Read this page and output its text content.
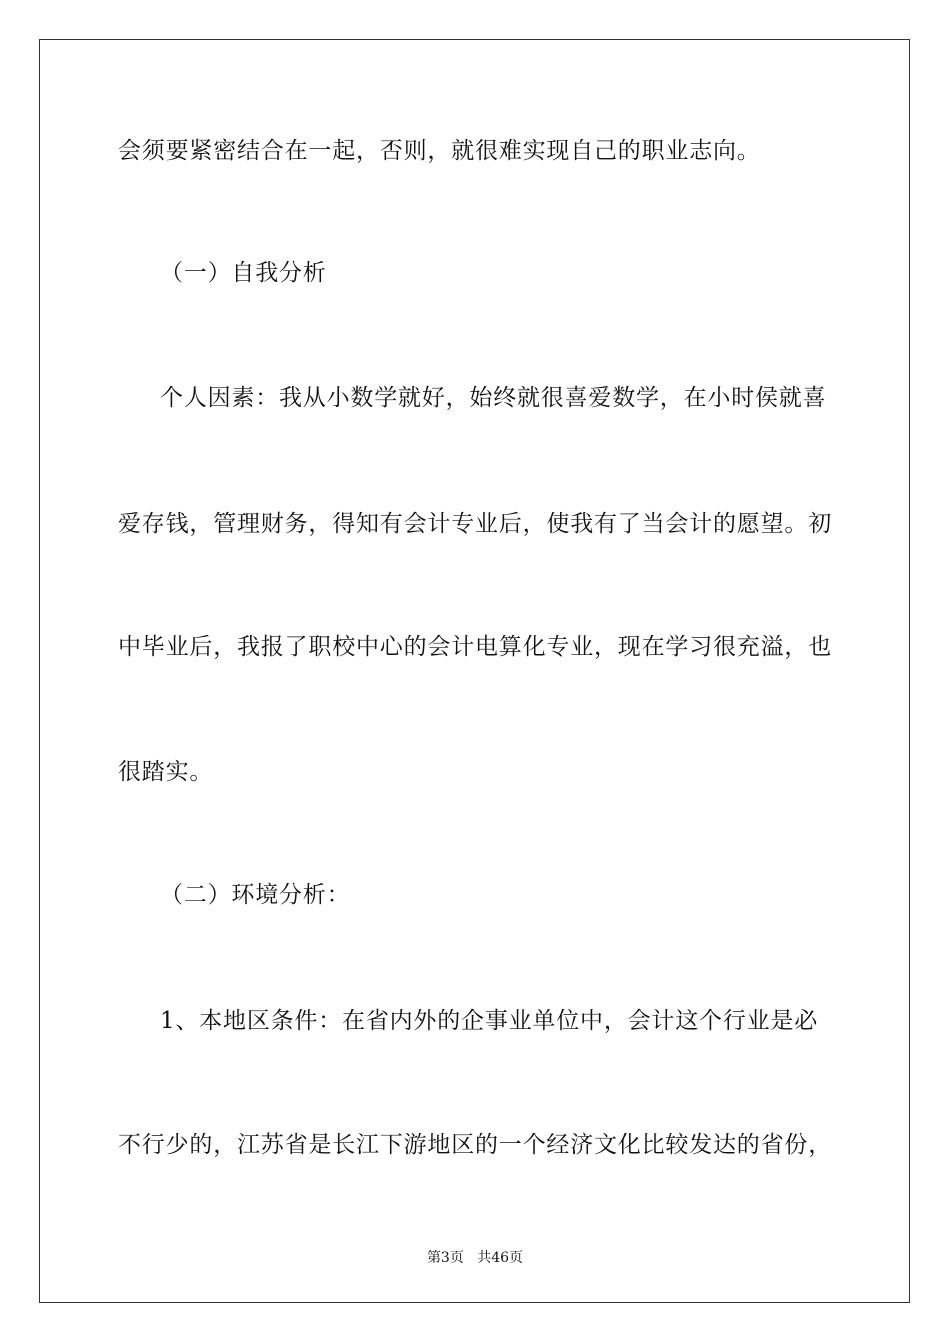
会须要紧密结合在一起，否则，就很难实现自己的职业志向。
（一）自我分析
个人因素：我从小数学就好，始终就很喜爱数学，在小时侯就喜
爱存钱，管理财务，得知有会计专业后，使我有了当会计的愿望。初
中毕业后，我报了职校中心的会计电算化专业，现在学习很充溢，也
很踏实。
（二）环境分析：
1、本地区条件：在省内外的企事业单位中，会计这个行业是必
不行少的，江苏省是长江下游地区的一个经济文化比较发达的省份，
第3页 共46页
